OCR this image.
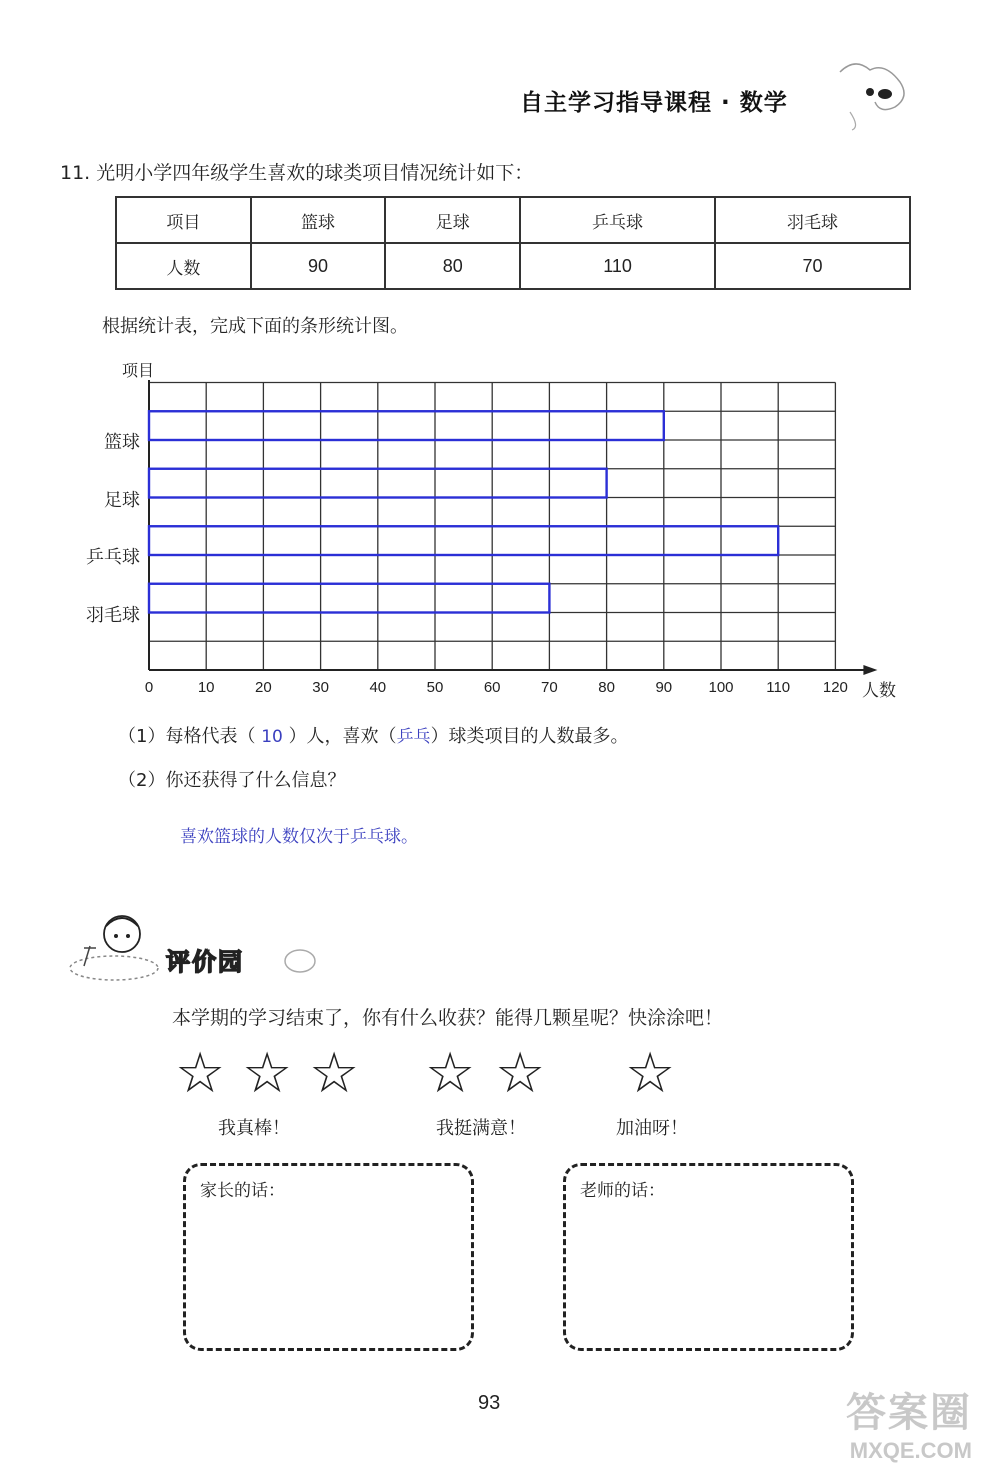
自主学习指导课程 · 数学
11. 光明小学四年级学生喜欢的球类项目情况统计如下：
项目	篮球	足球	乒乓球	羽毛球
人数	90	80	110	70
根据统计表，完成下面的条形统计图。
项目
篮球
足球
乒乓球
羽毛球
0	10	20	30	40	50	60	70	80	90	100	110	120 人数
（1）每格代表（ 10 ）人，喜欢（乒乓）球类项目的人数最多。
（2）你还获得了什么信息？
喜欢篮球的人数仅次于乒乓球。
评价园
本学期的学习结束了，你有什么收获？能得几颗星呢？快涂涂吧！
☆ ☆ ☆ ☆ ☆ ☆
我真棒！	我挺满意！	加油呀！
家长的话：	老师的话：
93	答案圈
MXQE.COM
